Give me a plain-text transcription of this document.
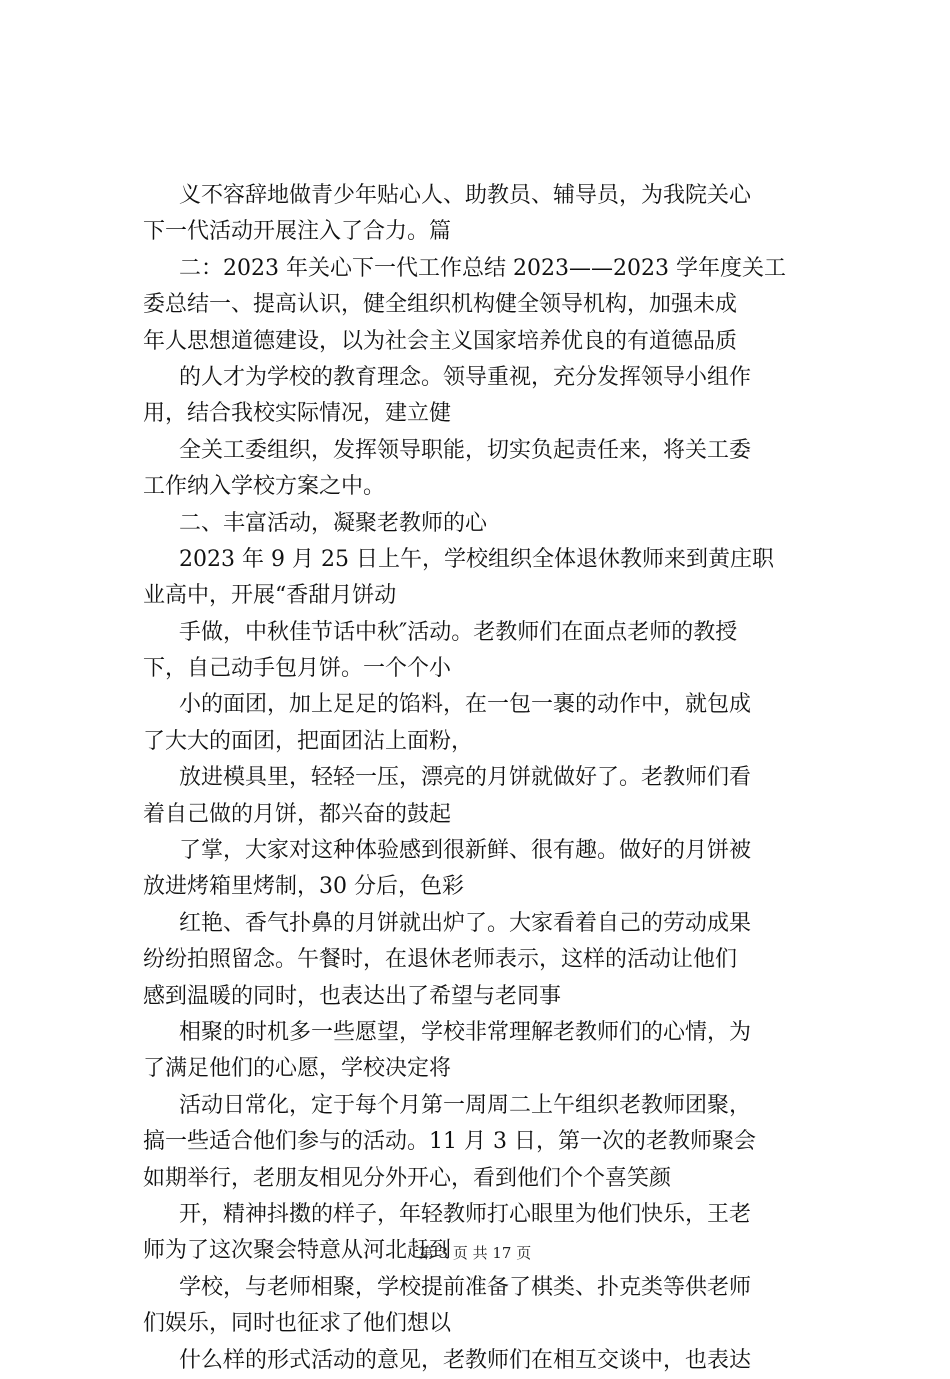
义不容辞地做青少年贴心人、助教员、辅导员，为我院关心
下一代活动开展注入了合力。篇
二：2023 年关心下一代工作总结 2023——2023 学年度关工
委总结一、提高认识，健全组织机构健全领导机构，加强未成
年人思想道德建设，以为社会主义国家培养优良的有道德品质
的人才为学校的教育理念。领导重视，充分发挥领导小组作
用，结合我校实际情况，建立健
全关工委组织，发挥领导职能，切实负起责任来，将关工委
工作纳入学校方案之中。
二、丰富活动，凝聚老教师的心
2023 年 9 月 25 日上午，学校组织全体退休教师来到黄庄职
业高中，开展“香甜月饼动
手做，中秋佳节话中秋″活动。老教师们在面点老师的教授
下，自己动手包月饼。一个个小
小的面团，加上足足的馅料，在一包一裹的动作中，就包成
了大大的面团，把面团沾上面粉，
放进模具里，轻轻一压，漂亮的月饼就做好了。老教师们看
着自己做的月饼，都兴奋的鼓起
了掌，大家对这种体验感到很新鲜、很有趣。做好的月饼被
放进烤箱里烤制，30 分后，色彩
红艳、香气扑鼻的月饼就出炉了。大家看着自己的劳动成果
纷纷拍照留念。午餐时，在退休老师表示，这样的活动让他们
感到温暖的同时，也表达出了希望与老同事
相聚的时机多一些愿望，学校非常理解老教师们的心情，为
了满足他们的心愿，学校决定将
活动日常化，定于每个月第一周周二上午组织老教师团聚，
搞一些适合他们参与的活动。11 月 3 日，第一次的老教师聚会
如期举行，老朋友相见分外开心，看到他们个个喜笑颜
开，精神抖擞的样子，年轻教师打心眼里为他们快乐，王老
师为了这次聚会特意从河北赶到
学校，与老师相聚，学校提前准备了棋类、扑克类等供老师
们娱乐，同时也征求了他们想以
什么样的形式活动的意见，老教师们在相互交谈中，也表达
第 3 页 共 17 页
